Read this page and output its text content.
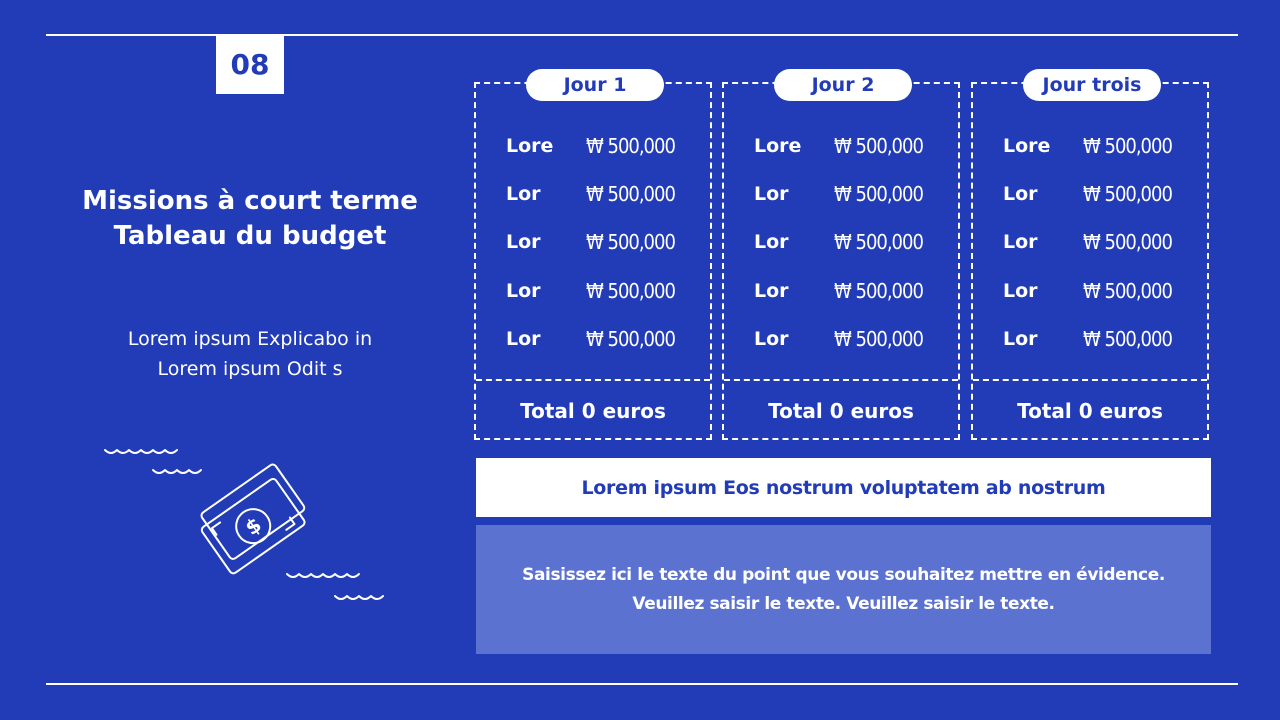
08
Missions à court terme
Tableau du budget
Lorem ipsum Explicabo in
Lorem ipsum Odit s
$
Jour 1
Lore	₩ 500,000
Lor	₩ 500,000
Lor	₩ 500,000
Lor	₩ 500,000
Lor	₩ 500,000
Total 0 euros
Jour 2
Lore	₩ 500,000
Lor	₩ 500,000
Lor	₩ 500,000
Lor	₩ 500,000
Lor	₩ 500,000
Total 0 euros
Jour trois
Lore	₩ 500,000
Lor	₩ 500,000
Lor	₩ 500,000
Lor	₩ 500,000
Lor	₩ 500,000
Total 0 euros
Lorem ipsum Eos nostrum voluptatem ab nostrum
Saisissez ici le texte du point que vous souhaitez mettre en évidence.
Veuillez saisir le texte. Veuillez saisir le texte.
